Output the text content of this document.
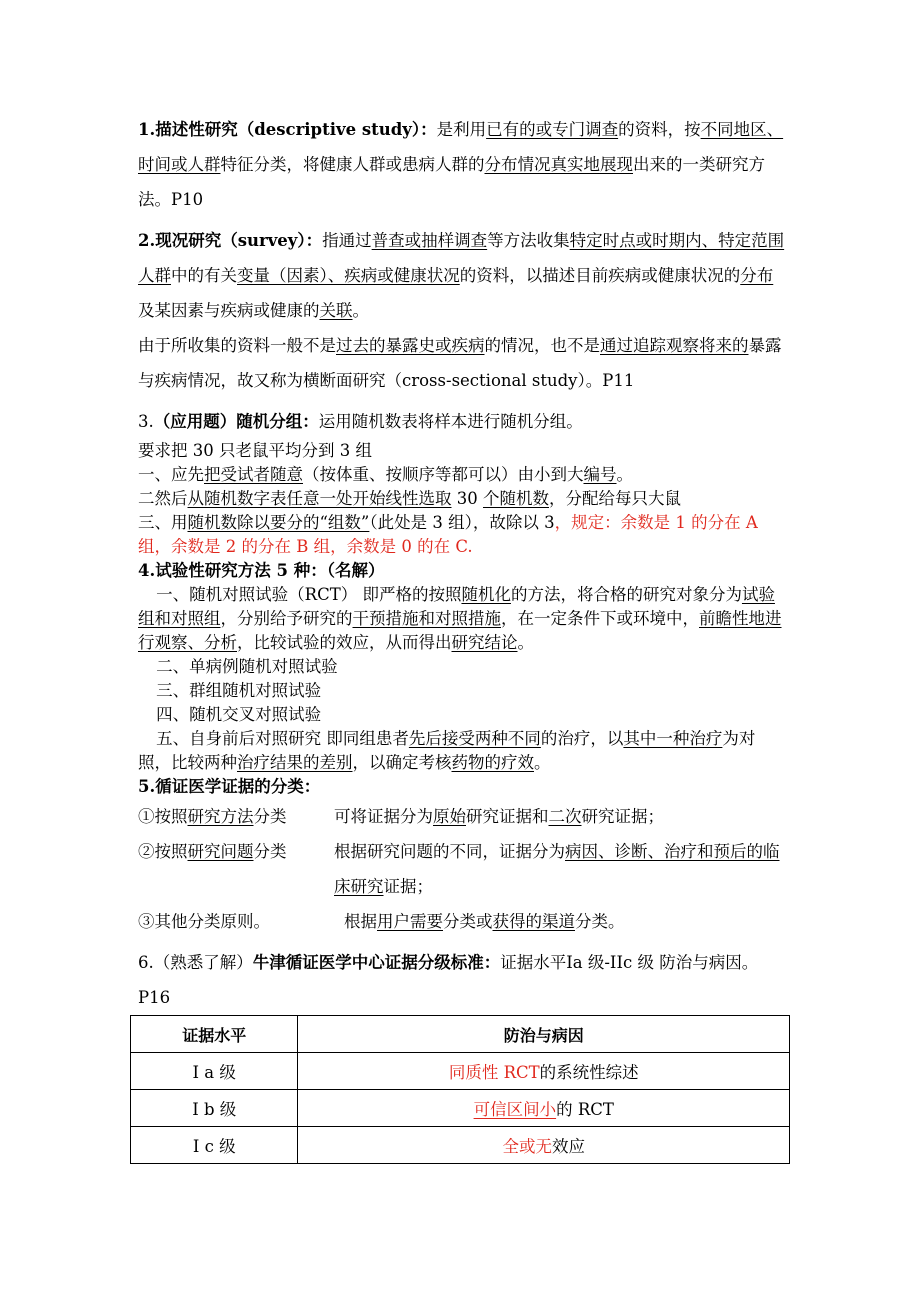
1.描述性研究（descriptive study）：是利用已有的或专门调查的资料，按不同地区、时间或人群特征分类，将健康人群或患病人群的分布情况真实地展现出来的一类研究方法。P10

2.现况研究（survey）：指通过普查或抽样调查等方法收集特定时点或时期内、特定范围人群中的有关变量（因素）、疾病或健康状况的资料，以描述目前疾病或健康状况的分布及某因素与疾病或健康的关联。

由于所收集的资料一般不是过去的暴露史或疾病的情况，也不是通过追踪观察将来的暴露与疾病情况，故又称为横断面研究（cross-sectional study）。P11

3.（应用题）随机分组：运用随机数表将样本进行随机分组。

要求把 30 只老鼠平均分到 3 组

一、应先把受试者随意（按体重、按顺序等都可以）由小到大编号。

二然后从随机数字表任意一处开始线性选取 30 个随机数，分配给每只大鼠

三、用随机数除以要分的“组数”（此处是 3 组），故除以 3，规定：余数是 1 的分在 A 组，余数是 2 的分在 B 组，余数是 0 的在 C.

4.试验性研究方法 5 种：（名解）

一、随机对照试验（RCT） 即严格的按照随机化的方法，将合格的研究对象分为试验组和对照组，分别给予研究的干预措施和对照措施，在一定条件下或环境中，前瞻性地进行观察、分析，比较试验的效应，从而得出研究结论。

二、单病例随机对照试验

三、群组随机对照试验

四、随机交叉对照试验

五、自身前后对照研究 即同组患者先后接受两种不同的治疗，以其中一种治疗为对照，比较两种治疗结果的差别，以确定考核药物的疗效。

5.循证医学证据的分类：

①按照研究方法分类	可将证据分为原始研究证据和二次研究证据；
②按照研究问题分类	根据研究问题的不同，证据分为病因、诊断、治疗和预后的临床研究证据；
③其他分类原则。	根据用户需要分类或获得的渠道分类。

6.（熟悉了解）牛津循证医学中心证据分级标准：证据水平Ⅰa 级-IIc 级 防治与病因。P16

证据水平	防治与病因
Ⅰ a 级	同质性 RCT的系统性综述
Ⅰ b 级	可信区间小的 RCT
Ⅰ c 级	全或无效应
